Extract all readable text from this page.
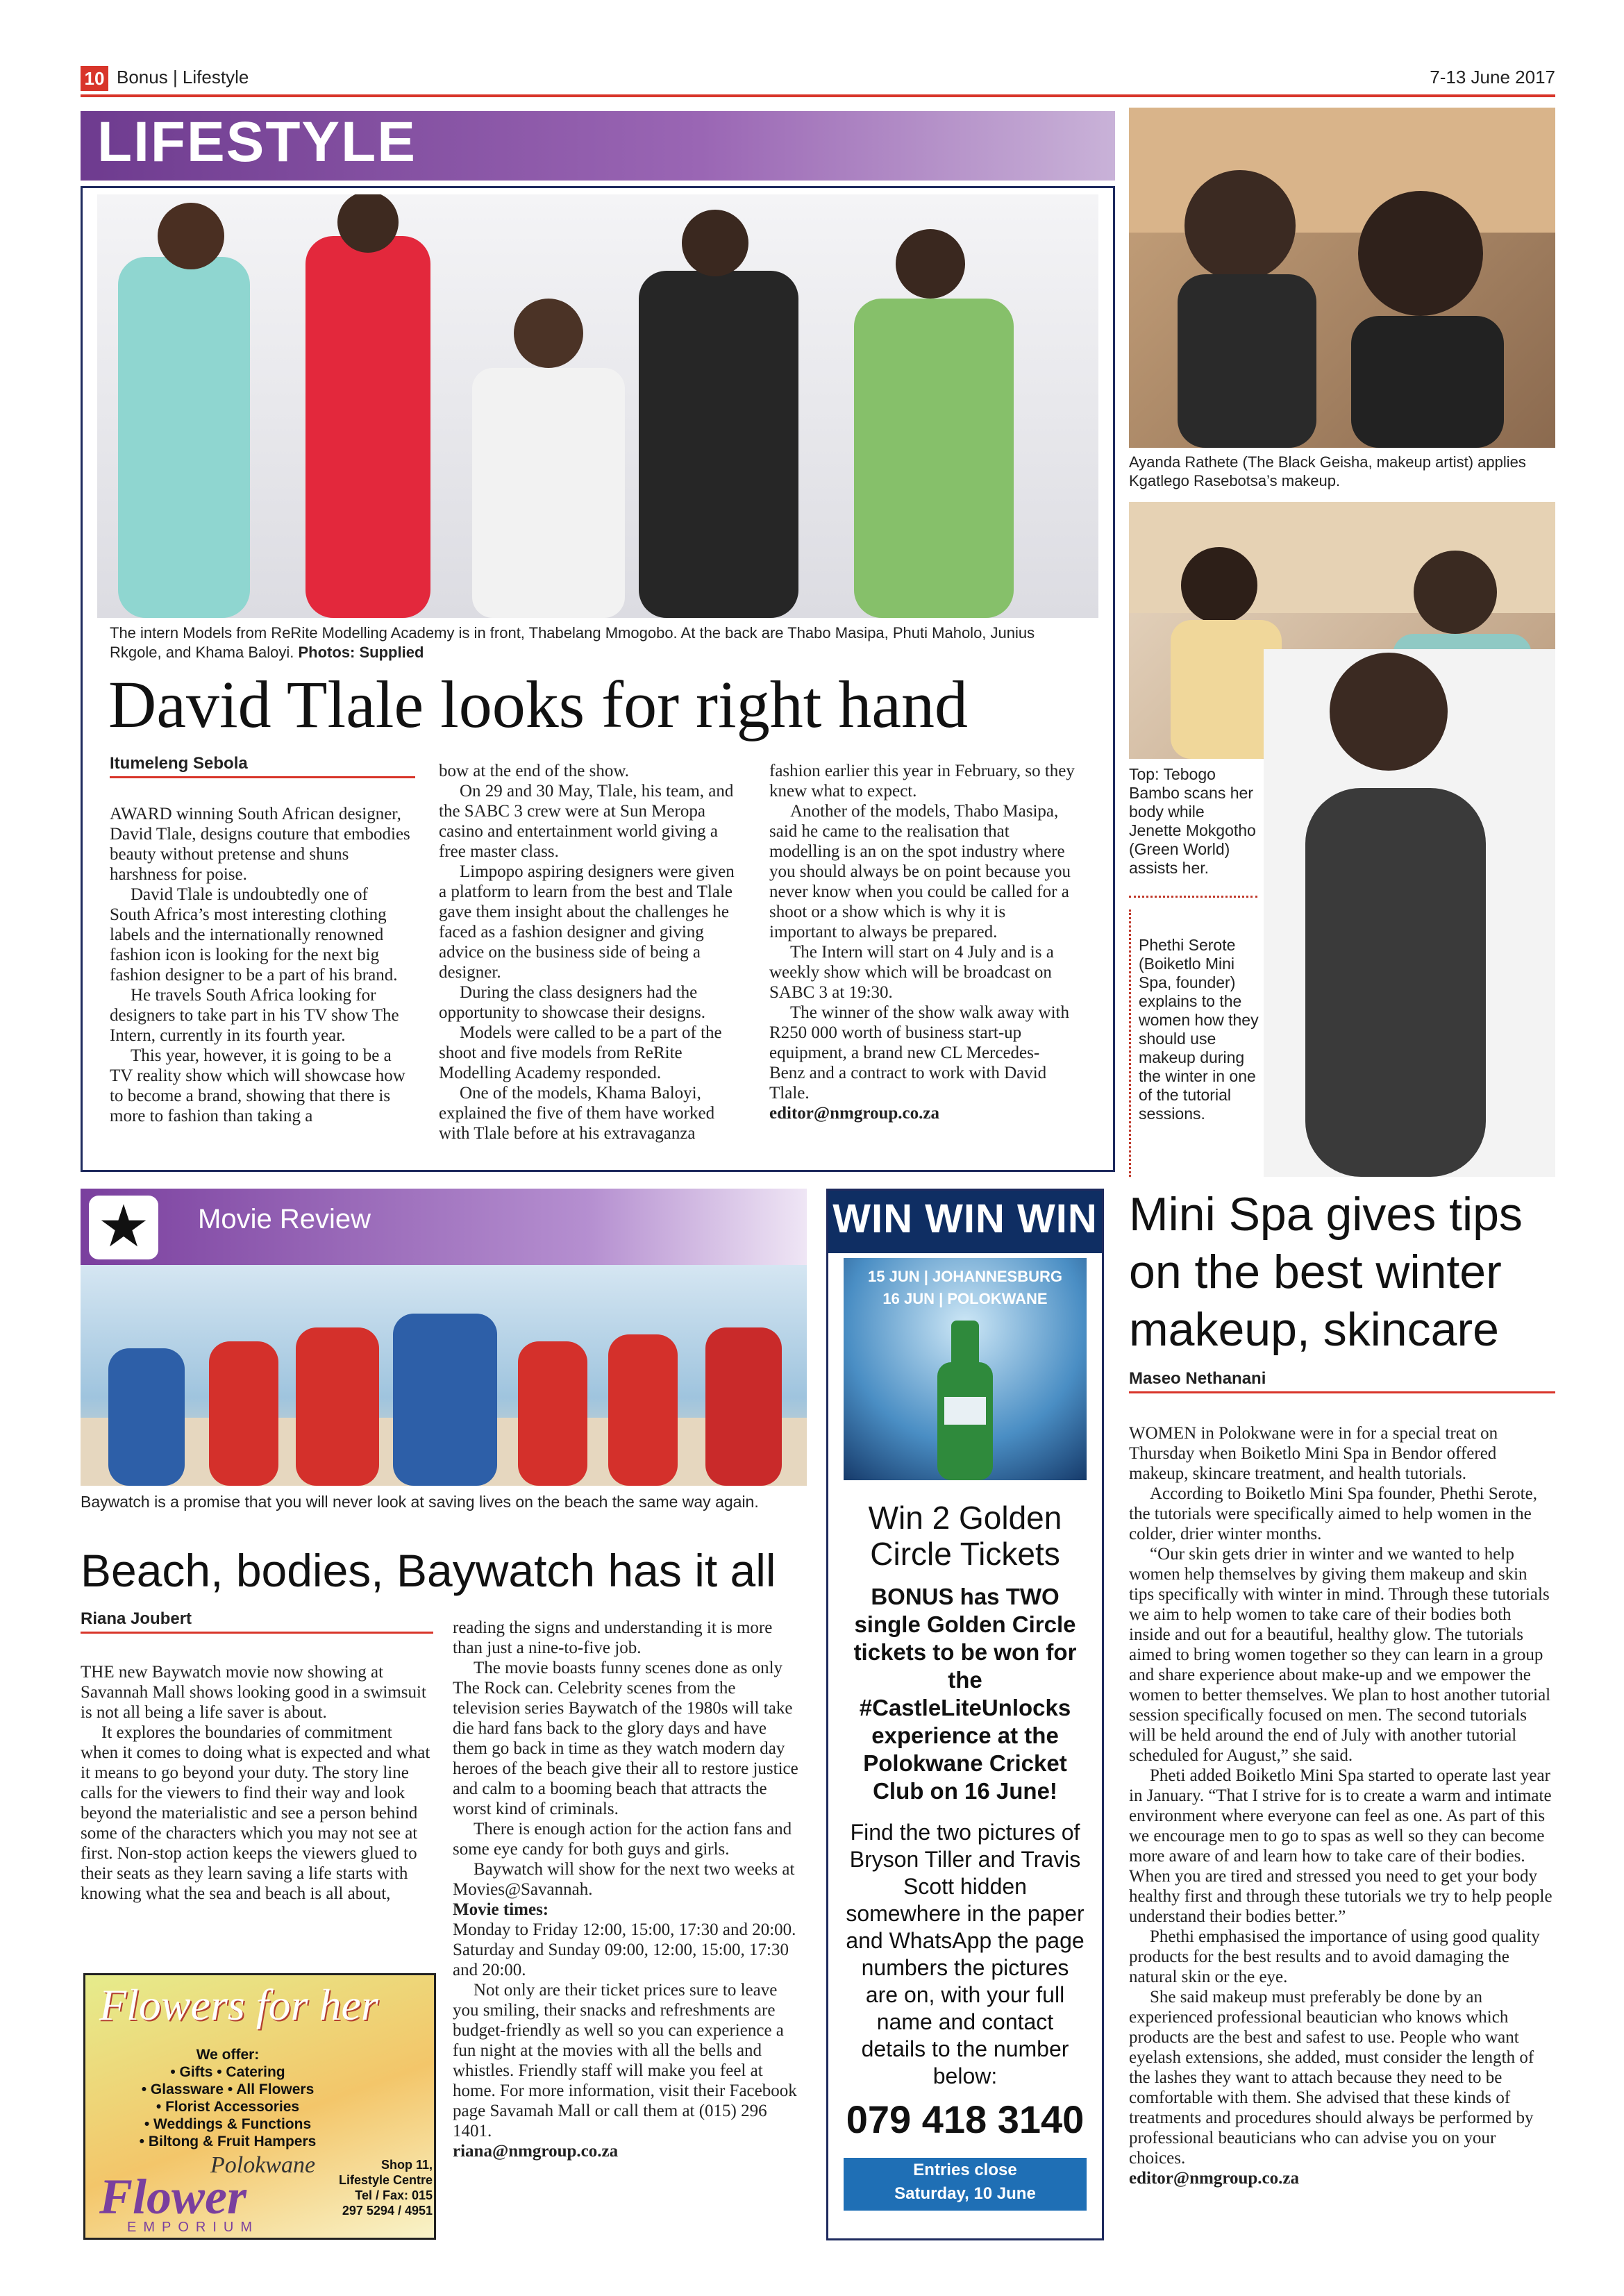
10 Bonus | Lifestyle	7-13 June 2017
LIFESTYLE
The intern Models from ReRite Modelling Academy is in front, Thabelang Mmogobo. At the back are Thabo Masipa, Phuti Maholo, Junius Rkgole, and Khama Baloyi. Photos: Supplied
David Tlale looks for right hand
Itumeleng Sebola

AWARD winning South African designer, David Tlale, designs couture that embodies beauty without pretense and shuns harshness for poise.

David Tlale is undoubtedly one of South Africa’s most interesting clothing labels and the internationally renowned fashion icon is looking for the next big fashion designer to be a part of his brand.

He travels South Africa looking for designers to take part in his TV show The Intern, currently in its fourth year.

This year, however, it is going to be a TV reality show which will showcase how to become a brand, showing that there is more to fashion than taking a

bow at the end of the show.

On 29 and 30 May, Tlale, his team, and the SABC 3 crew were at Sun Meropa casino and entertainment world giving a free master class.

Limpopo aspiring designers were given a platform to learn from the best and Tlale gave them insight about the challenges he faced as a fashion designer and giving advice on the business side of being a designer.

During the class designers had the opportunity to showcase their designs.

Models were called to be a part of the shoot and five models from ReRite Modelling Academy responded.

One of the models, Khama Baloyi, explained the five of them have worked with Tlale before at his extravaganza

fashion earlier this year in February, so they knew what to expect.

Another of the models, Thabo Masipa, said he came to the realisation that modelling is an on the spot industry where you should always be on point because you never know when you could be called for a shoot or a show which is why it is important to always be prepared.

The Intern will start on 4 July and is a weekly show which will be broadcast on SABC 3 at 19:30.

The winner of the show walk away with R250 000 worth of business start-up equipment, a brand new CL Mercedes-Benz and a contract to work with David Tlale.

editor@nmgroup.co.za

Ayanda Rathete (The Black Geisha, makeup artist) applies Kgatlego Rasebotsa’s makeup.
Top: Tebogo Bambo scans her body while Jenette Mokgotho (Green World) assists her.
Phethi Serote (Boiketlo Mini Spa, founder) explains to the women how they should use makeup during the winter in one of the tutorial sessions.
Mini Spa gives tips on the best winter makeup, skincare
Maseo Nethanani

WOMEN in Polokwane were in for a special treat on Thursday when Boiketlo Mini Spa in Bendor offered makeup, skincare treatment, and health tutorials.

According to Boiketlo Mini Spa founder, Phethi Serote, the tutorials were specifically aimed to help women in the colder, drier winter months.

“Our skin gets drier in winter and we wanted to help women help themselves by giving them makeup and skin tips specifically with winter in mind. Through these tutorials we aim to help women to take care of their bodies both inside and out for a beautiful, healthy glow. The tutorials aimed to bring women together so they can learn in a group and share experience about make-up and we empower the women to better themselves. We plan to host another tutorial session specifically focused on men. The second tutorials will be held around the end of July with another tutorial scheduled for August,” she said.

Pheti added Boiketlo Mini Spa started to operate last year in January. “That I strive for is to create a warm and intimate environment where everyone can feel as one. As part of this we encourage men to go to spas as well so they can become more aware of and learn how to take care of their bodies. When you are tired and stressed you need to get your body healthy first and through these tutorials we try to help people understand their bodies better.”

Phethi emphasised the importance of using good quality products for the best results and to avoid damaging the natural skin or the eye.

She said makeup must preferably be done by an experienced professional beautician who knows which products are the best and safest to use. People who want eyelash extensions, she added, must consider the length of the lashes they want to attach because they need to be comfortable with them. She advised that these kinds of treatments and procedures should always be performed by professional beauticians who can advise you on your choices.

editor@nmgroup.co.za

★	Movie Review
Baywatch is a promise that you will never look at saving lives on the beach the same way again.
Beach, bodies, Baywatch has it all
Riana Joubert

THE new Baywatch movie now showing at Savannah Mall shows looking good in a swimsuit is not all being a life saver is about.

It explores the boundaries of commitment when it comes to doing what is expected and what it means to go beyond your duty. The story line calls for the viewers to find their way and look beyond the materialistic and see a person behind some of the characters which you may not see at first. Non-stop action keeps the viewers glued to their seats as they learn saving a life starts with knowing what the sea and beach is all about,

reading the signs and understanding it is more than just a nine-to-five job.

The movie boasts funny scenes done as only The Rock can. Celebrity scenes from the television series Baywatch of the 1980s will take die hard fans back to the glory days and have them go back in time as they watch modern day heroes of the beach give their all to restore justice and calm to a booming beach that attracts the worst kind of criminals.

There is enough action for the action fans and some eye candy for both guys and girls.

Baywatch will show for the next two weeks at Movies@Savannah.

Movie times:

Monday to Friday 12:00, 15:00, 17:30 and 20:00.

Saturday and Sunday 09:00, 12:00, 15:00, 17:30 and 20:00.

Not only are their ticket prices sure to leave you smiling, their snacks and refreshments are budget-friendly as well so you can experience a fun night at the movies with all the bells and whistles. Friendly staff will make you feel at home. For more information, visit their Facebook page Savamah Mall or call them at (015) 296 1401.

riana@nmgroup.co.za

Flowers for her
We offer:
• Gifts • Catering
• Glassware • All Flowers
• Florist Accessories
• Weddings & Functions
• Biltong & Fruit Hampers
Polokwane
Flower
EMPORIUM
Shop 11,
Lifestyle Centre
Tel / Fax: 015
297 5294 / 4951
WIN WIN WIN
15 JUN | JOHANNESBURG
16 JUN | POLOKWANE
Win 2 Golden Circle Tickets
BONUS has TWO single Golden Circle tickets to be won for the #CastleLiteUnlocks experience at the Polokwane Cricket Club on 16 June!
Find the two pictures of Bryson Tiller and Travis Scott hidden somewhere in the paper and WhatsApp the page numbers the pictures are on, with your full name and contact details to the number below:
079 418 3140
Entries close
Saturday, 10 June
